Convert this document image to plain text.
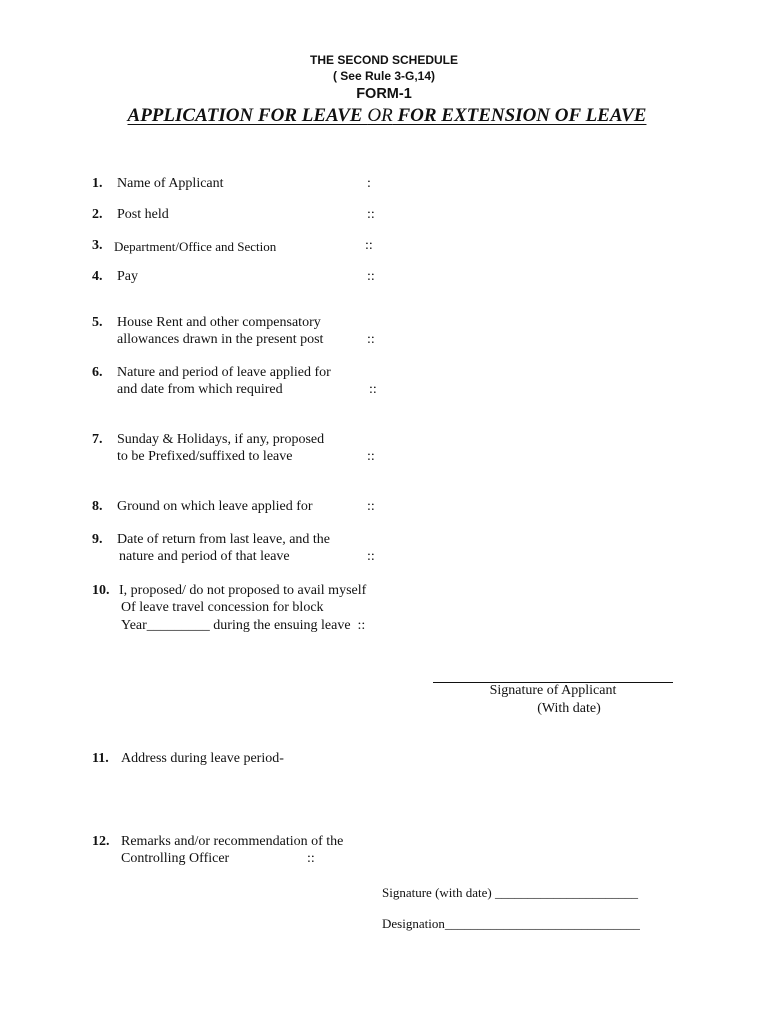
THE SECOND SCHEDULE
( See Rule 3-G,14)
FORM-1
APPLICATION FOR LEAVE OR FOR EXTENSION OF LEAVE
1. Name of Applicant	:
2. Post held	::
3. Department/Office and Section	::
4. Pay	::
5. House Rent and other compensatory
allowances drawn in the present post	::
6. Nature and period of leave applied for
and date from which required	::
7. Sunday & Holidays, if any, proposed
to be Prefixed/suffixed to leave	::
8. Ground on which leave applied for	::
9. Date of return from last leave, and the
nature and period of that leave	::
10. I, proposed/ do not proposed to avail myself
Of leave travel concession for block
Year_________ during the ensuing leave  ::
Signature of Applicant
(With date)
11. Address during leave period-
12. Remarks and/or recommendation of the
Controlling Officer	::
Signature (with date) ______________________
Designation______________________________
